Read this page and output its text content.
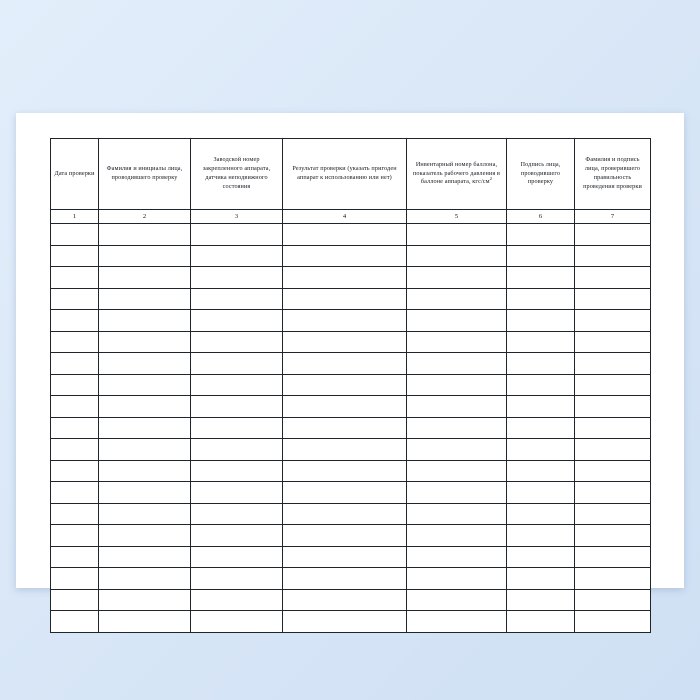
Дата проверки	Фамилия и инициалы лица, проводившего проверку	Заводской номер закрепленного аппарата, датчика неподвижного состояния	Результат проверки (указать пригоден аппарат к использованию или нет)	Инвентарный номер баллона, показатель рабочего давления в баллоне аппарата, кгс/$см^2$	Подпись лица, проводившего проверку	Фамилия и подпись лица, проверившего правильность проведения проверки
1	2	3	4	5	6	7
